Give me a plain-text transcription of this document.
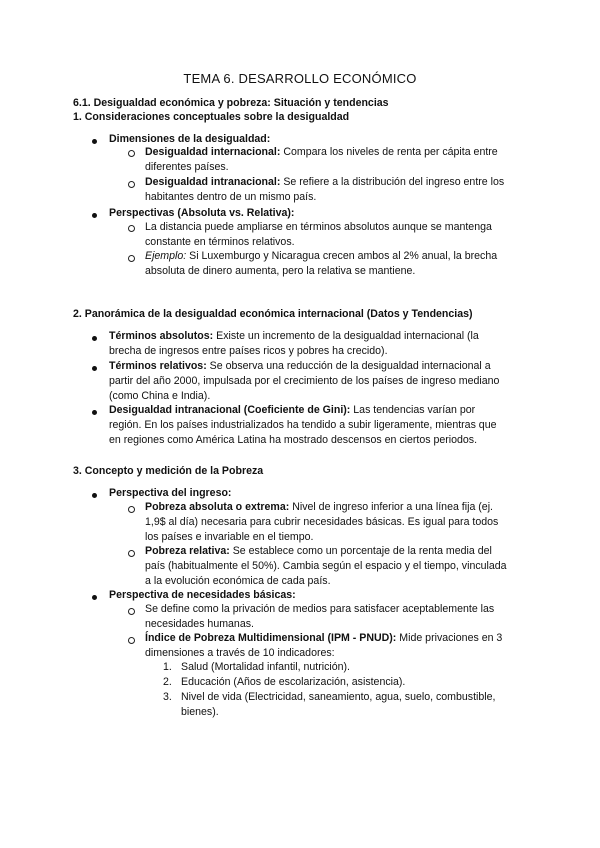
TEMA 6. DESARROLLO ECONÓMICO
6.1. Desigualdad económica y pobreza: Situación y tendencias
1. Consideraciones conceptuales sobre la desigualdad
Dimensiones de la desigualdad:
Desigualdad internacional: Compara los niveles de renta per cápita entre
diferentes países.
Desigualdad intranacional: Se refiere a la distribución del ingreso entre los
habitantes dentro de un mismo país.
Perspectivas (Absoluta vs. Relativa):
La distancia puede ampliarse en términos absolutos aunque se mantenga
constante en términos relativos.
Ejemplo: Si Luxemburgo y Nicaragua crecen ambos al 2% anual, la brecha
absoluta de dinero aumenta, pero la relativa se mantiene.
2. Panorámica de la desigualdad económica internacional (Datos y Tendencias)
Términos absolutos: Existe un incremento de la desigualdad internacional (la
brecha de ingresos entre países ricos y pobres ha crecido).
Términos relativos: Se observa una reducción de la desigualdad internacional a
partir del año 2000, impulsada por el crecimiento de los países de ingreso mediano
(como China e India).
Desigualdad intranacional (Coeficiente de Gini): Las tendencias varían por
región. En los países industrializados ha tendido a subir ligeramente, mientras que
en regiones como América Latina ha mostrado descensos en ciertos periodos.
3. Concepto y medición de la Pobreza
Perspectiva del ingreso:
Pobreza absoluta o extrema: Nivel de ingreso inferior a una línea fija (ej.
1,9$ al día) necesaria para cubrir necesidades básicas. Es igual para todos
los países e invariable en el tiempo.
Pobreza relativa: Se establece como un porcentaje de la renta media del
país (habitualmente el 50%). Cambia según el espacio y el tiempo, vinculada
a la evolución económica de cada país.
Perspectiva de necesidades básicas:
Se define como la privación de medios para satisfacer aceptablemente las
necesidades humanas.
Índice de Pobreza Multidimensional (IPM - PNUD): Mide privaciones en 3
dimensiones a través de 10 indicadores:
1. Salud (Mortalidad infantil, nutrición).
2. Educación (Años de escolarización, asistencia).
3. Nivel de vida (Electricidad, saneamiento, agua, suelo, combustible,
bienes).
